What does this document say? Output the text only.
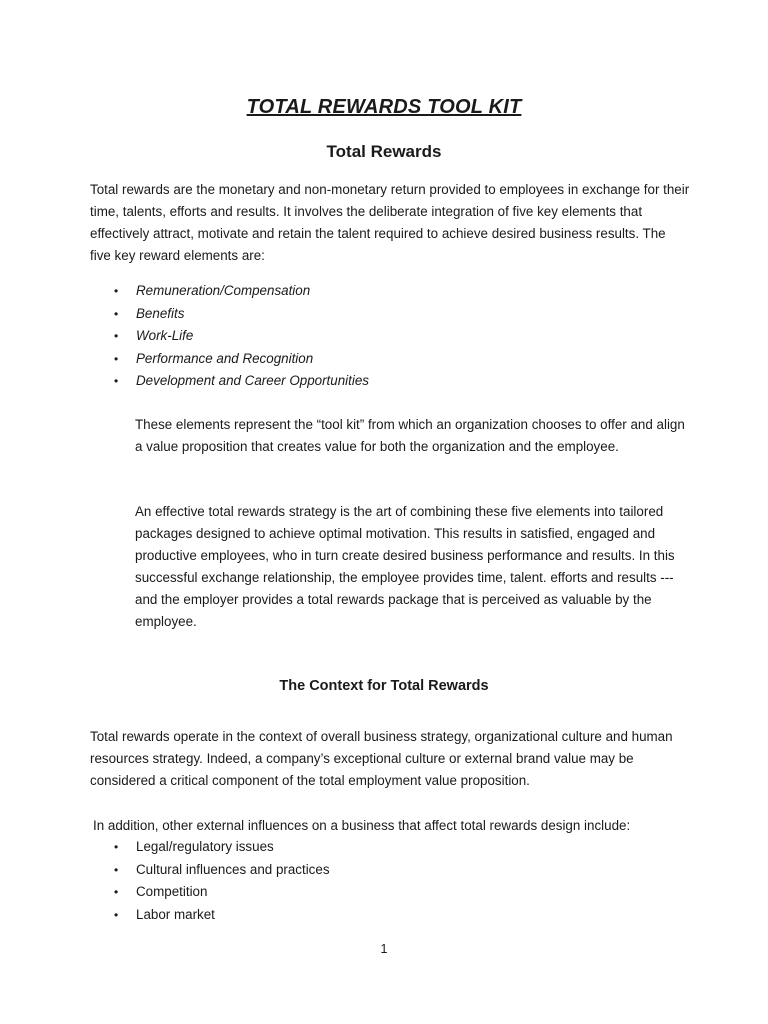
TOTAL REWARDS TOOL KIT
Total Rewards

Total rewards are the monetary and non-monetary return provided to employees in exchange for their time, talents, efforts and results. It involves the deliberate integration of five key elements that effectively attract, motivate and retain the talent required to achieve desired business results. The five key reward elements are:

• Remuneration/Compensation
• Benefits
• Work-Life
• Performance and Recognition
• Development and Career Opportunities

These elements represent the “tool kit” from which an organization chooses to offer and align a value proposition that creates value for both the organization and the employee.

An effective total rewards strategy is the art of combining these five elements into tailored packages designed to achieve optimal motivation. This results in satisfied, engaged and productive employees, who in turn create desired business performance and results. In this successful exchange relationship, the employee provides time, talent. efforts and results --- and the employer provides a total rewards package that is perceived as valuable by the employee.

The Context for Total Rewards

Total rewards operate in the context of overall business strategy, organizational culture and human resources strategy. Indeed, a company’s exceptional culture or external brand value may be considered a critical component of the total employment value proposition.

In addition, other external influences on a business that affect total rewards design include:

• Legal/regulatory issues
• Cultural influences and practices
• Competition
• Labor market
1
